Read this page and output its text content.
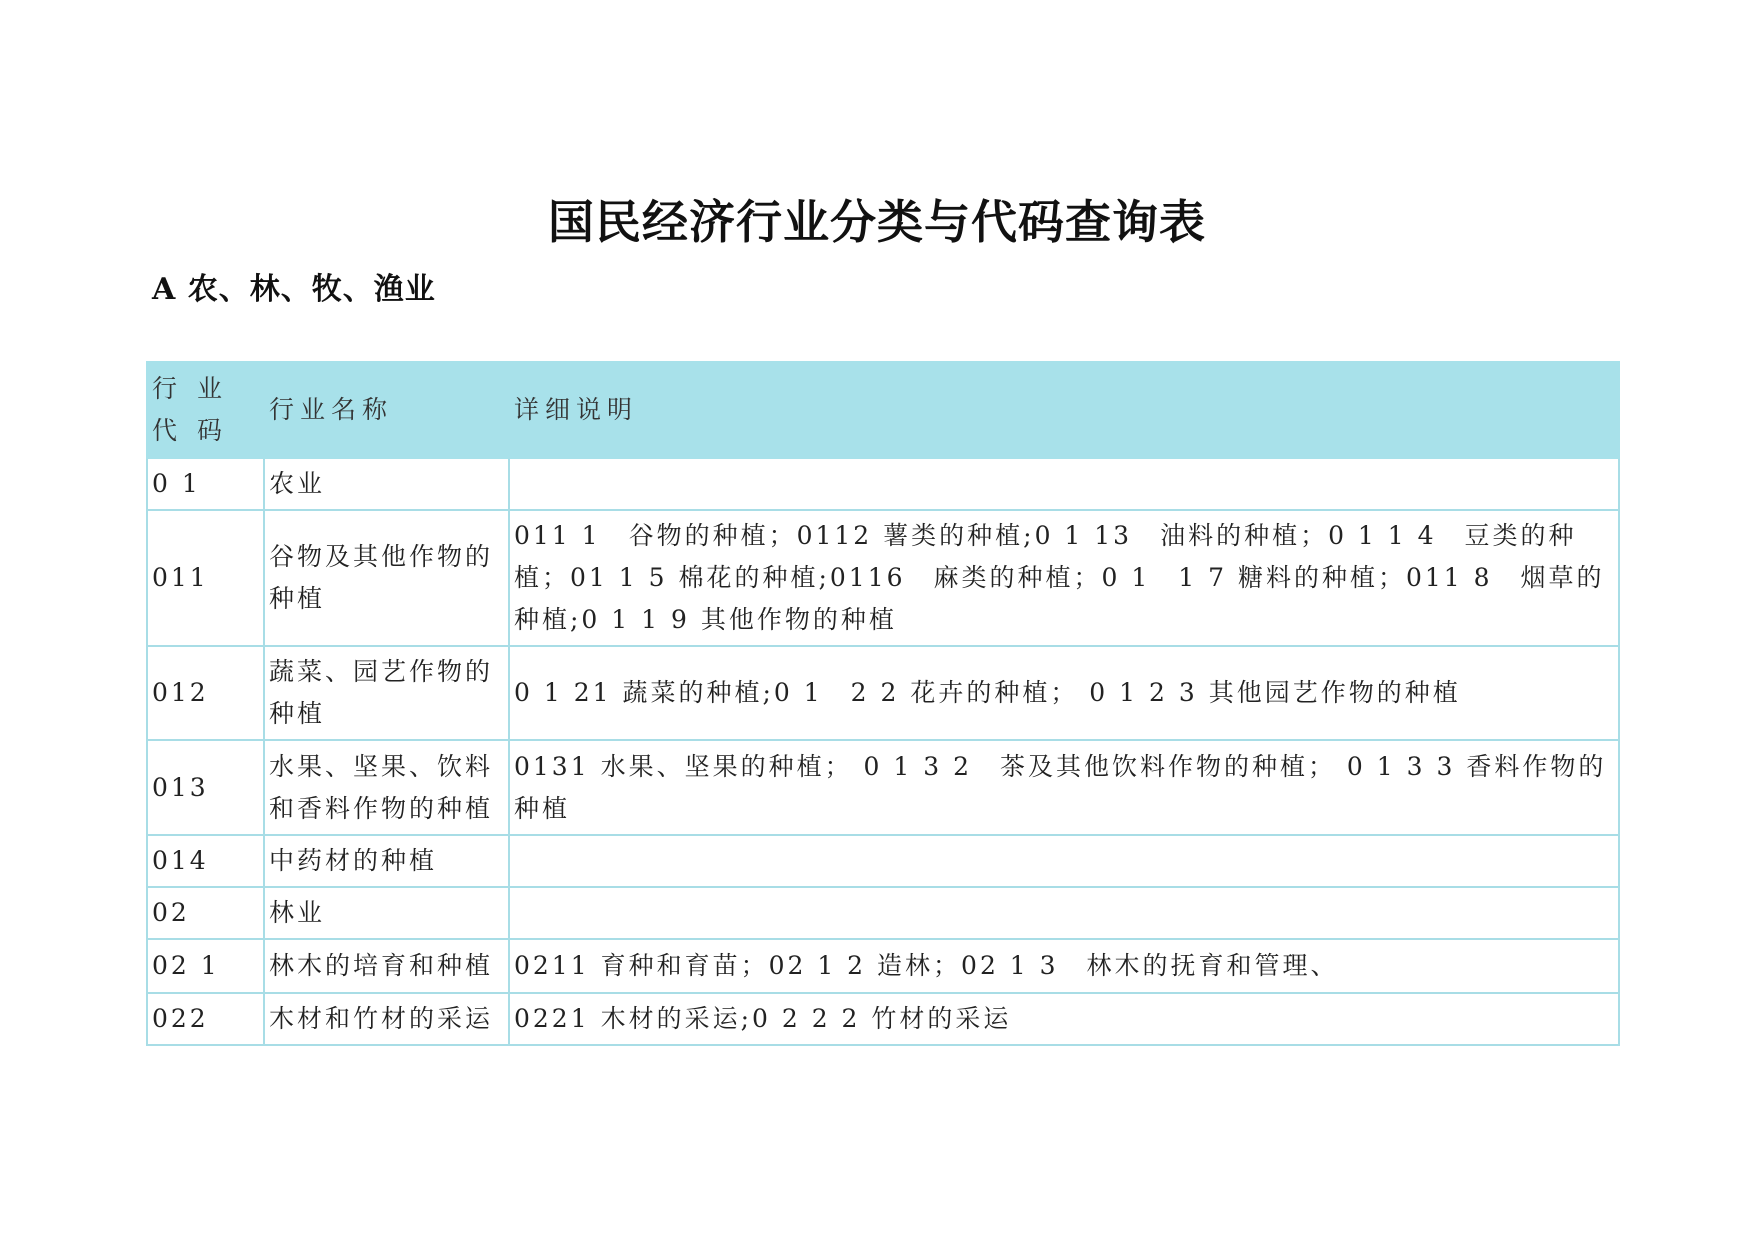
国民经济行业分类与代码查询表
A 农、林、牧、渔业
行 业 代 码	行业名称	详细说明
0 1	农业	
011	谷物及其他作物的种植	011 1　谷物的种植；0112 薯类的种植;0 1 13　油料的种植；0 1 1 4　豆类的种植；01 1 5 棉花的种植;0116　麻类的种植；0 1　1 7 糖料的种植；011 8　烟草的种植;0 1 1 9 其他作物的种植
012	蔬菜、园艺作物的种植	0 1 21 蔬菜的种植;0 1　2 2 花卉的种植； 0 1 2 3 其他园艺作物的种植
013	水果、坚果、饮料和香料作物的种植	0131 水果、坚果的种植； 0 1 3 2　茶及其他饮料作物的种植； 0 1 3 3 香料作物的种植
014	中药材的种植	
02	林业	
02 1	林木的培育和种植	0211 育种和育苗；02 1 2 造林；02 1 3　林木的抚育和管理、
022	木材和竹材的采运	0221 木材的采运;0 2 2 2 竹材的采运
